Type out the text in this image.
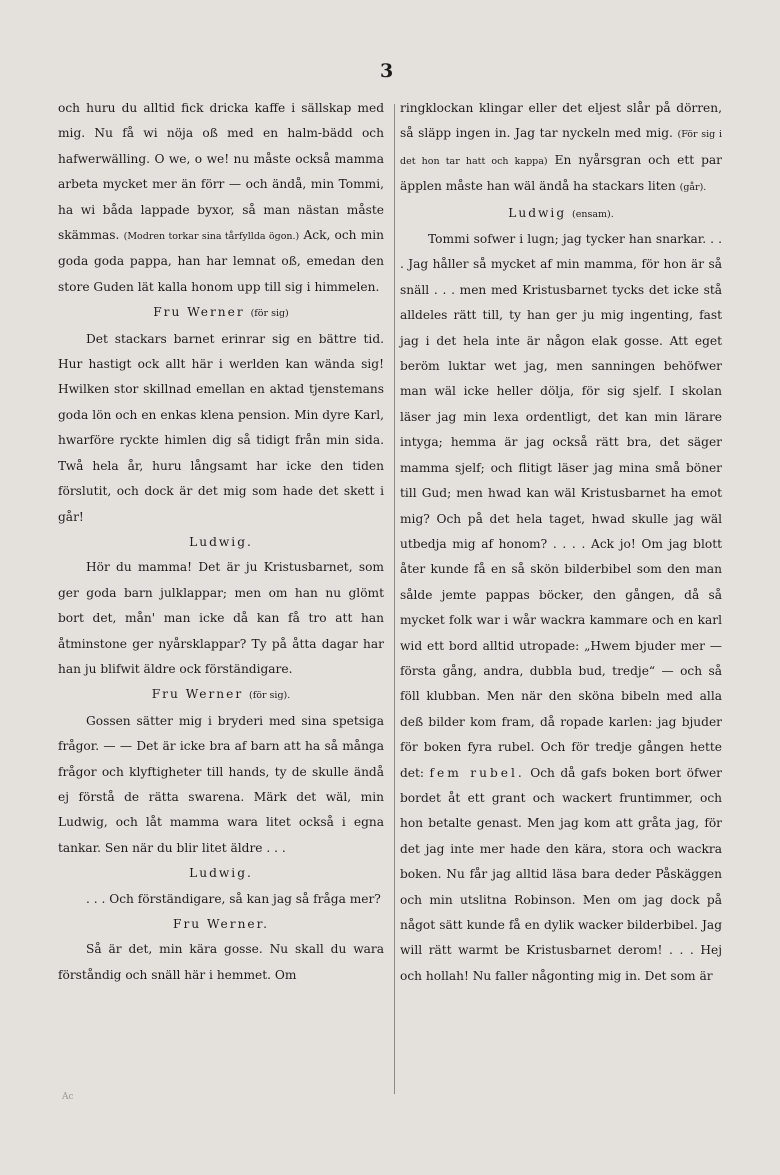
3

och huru du alltid fick dricka kaffe i sällskap med mig. Nu få wi nöja oß med en halm-bädd och hafwerwälling. O we, o we! nu måste också mamma arbeta mycket mer än förr — och ändå, min Tommi, ha wi båda lappade byxor, så man nästan måste skämmas. (Modren torkar sina tårfyllda ögon.) Ack, och min goda goda pappa, han har lemnat oß, emedan den store Guden lät kalla honom upp till sig i himmelen.

Fru Werner (för sig)

Det stackars barnet erinrar sig en bättre tid. Hur hastigt ock allt här i werlden kan wända sig! Hwilken stor skillnad emellan en aktad tjenstemans goda lön och en enkas klena pension. Min dyre Karl, hwarföre ryckte himlen dig så tidigt från min sida. Twå hela år, huru långsamt har icke den tiden förslutit, och dock är det mig som hade det skett i går!

Ludwig.

Hör du mamma! Det är ju Kristusbarnet, som ger goda barn julklappar; men om han nu glömt bort det, mån' man icke då kan få tro att han åtminstone ger nyårsklappar? Ty på åtta dagar har han ju blifwit äldre ock förständigare.

Fru Werner (för sig).

Gossen sätter mig i bryderi med sina spetsiga frågor. — — Det är icke bra af barn att ha så många frågor och klyftigheter till hands, ty de skulle ändå ej förstå de rätta swarena. Märk det wäl, min Ludwig, och låt mamma wara litet också i egna tankar. Sen när du blir litet äldre . . .

Ludwig.

. . . Och förständigare, så kan jag så fråga mer?

Fru Werner.

Så är det, min kära gosse. Nu skall du wara förståndig och snäll här i hemmet. Om

ringklockan klingar eller det eljest slår på dörren, så släpp ingen in. Jag tar nyckeln med mig. (För sig i det hon tar hatt och kappa) En nyårsgran och ett par äpplen måste han wäl ändå ha stackars liten (går).

Ludwig (ensam).

Tommi sofwer i lugn; jag tycker han snarkar. . . . Jag håller så mycket af min mamma, för hon är så snäll . . . men med Kristusbarnet tycks det icke stå alldeles rätt till, ty han ger ju mig ingenting, fast jag i det hela inte är någon elak gosse. Att eget beröm luktar wet jag, men sanningen behöfwer man wäl icke heller dölja, för sig sjelf. I skolan läser jag min lexa ordentligt, det kan min lärare intyga; hemma är jag också rätt bra, det säger mamma sjelf; och flitigt läser jag mina små böner till Gud; men hwad kan wäl Kristusbarnet ha emot mig? Och på det hela taget, hwad skulle jag wäl utbedja mig af honom? . . . . Ack jo! Om jag blott åter kunde få en så skön bilderbibel som den man sålde jemte pappas böcker, den gången, då så mycket folk war i wår wackra kammare och en karl wid ett bord alltid utropade: „Hwem bjuder mer — första gång, andra, dubbla bud, tredje“ — och så föll klubban. Men när den sköna bibeln med alla deß bilder kom fram, då ropade karlen: jag bjuder för boken fyra rubel. Och för tredje gången hette det: fem rubel. Och då gafs boken bort öfwer bordet åt ett grant och wackert fruntimmer, och hon betalte genast. Men jag kom att gråta jag, för det jag inte mer hade den kära, stora och wackra boken. Nu får jag alltid läsa bara deder Påskäggen och min utslitna Robinson. Men om jag dock på något sätt kunde få en dylik wacker bilderbibel. Jag will rätt warmt be Kristusbarnet derom! . . . Hej och hollah! Nu faller någonting mig in. Det som är

Ac
